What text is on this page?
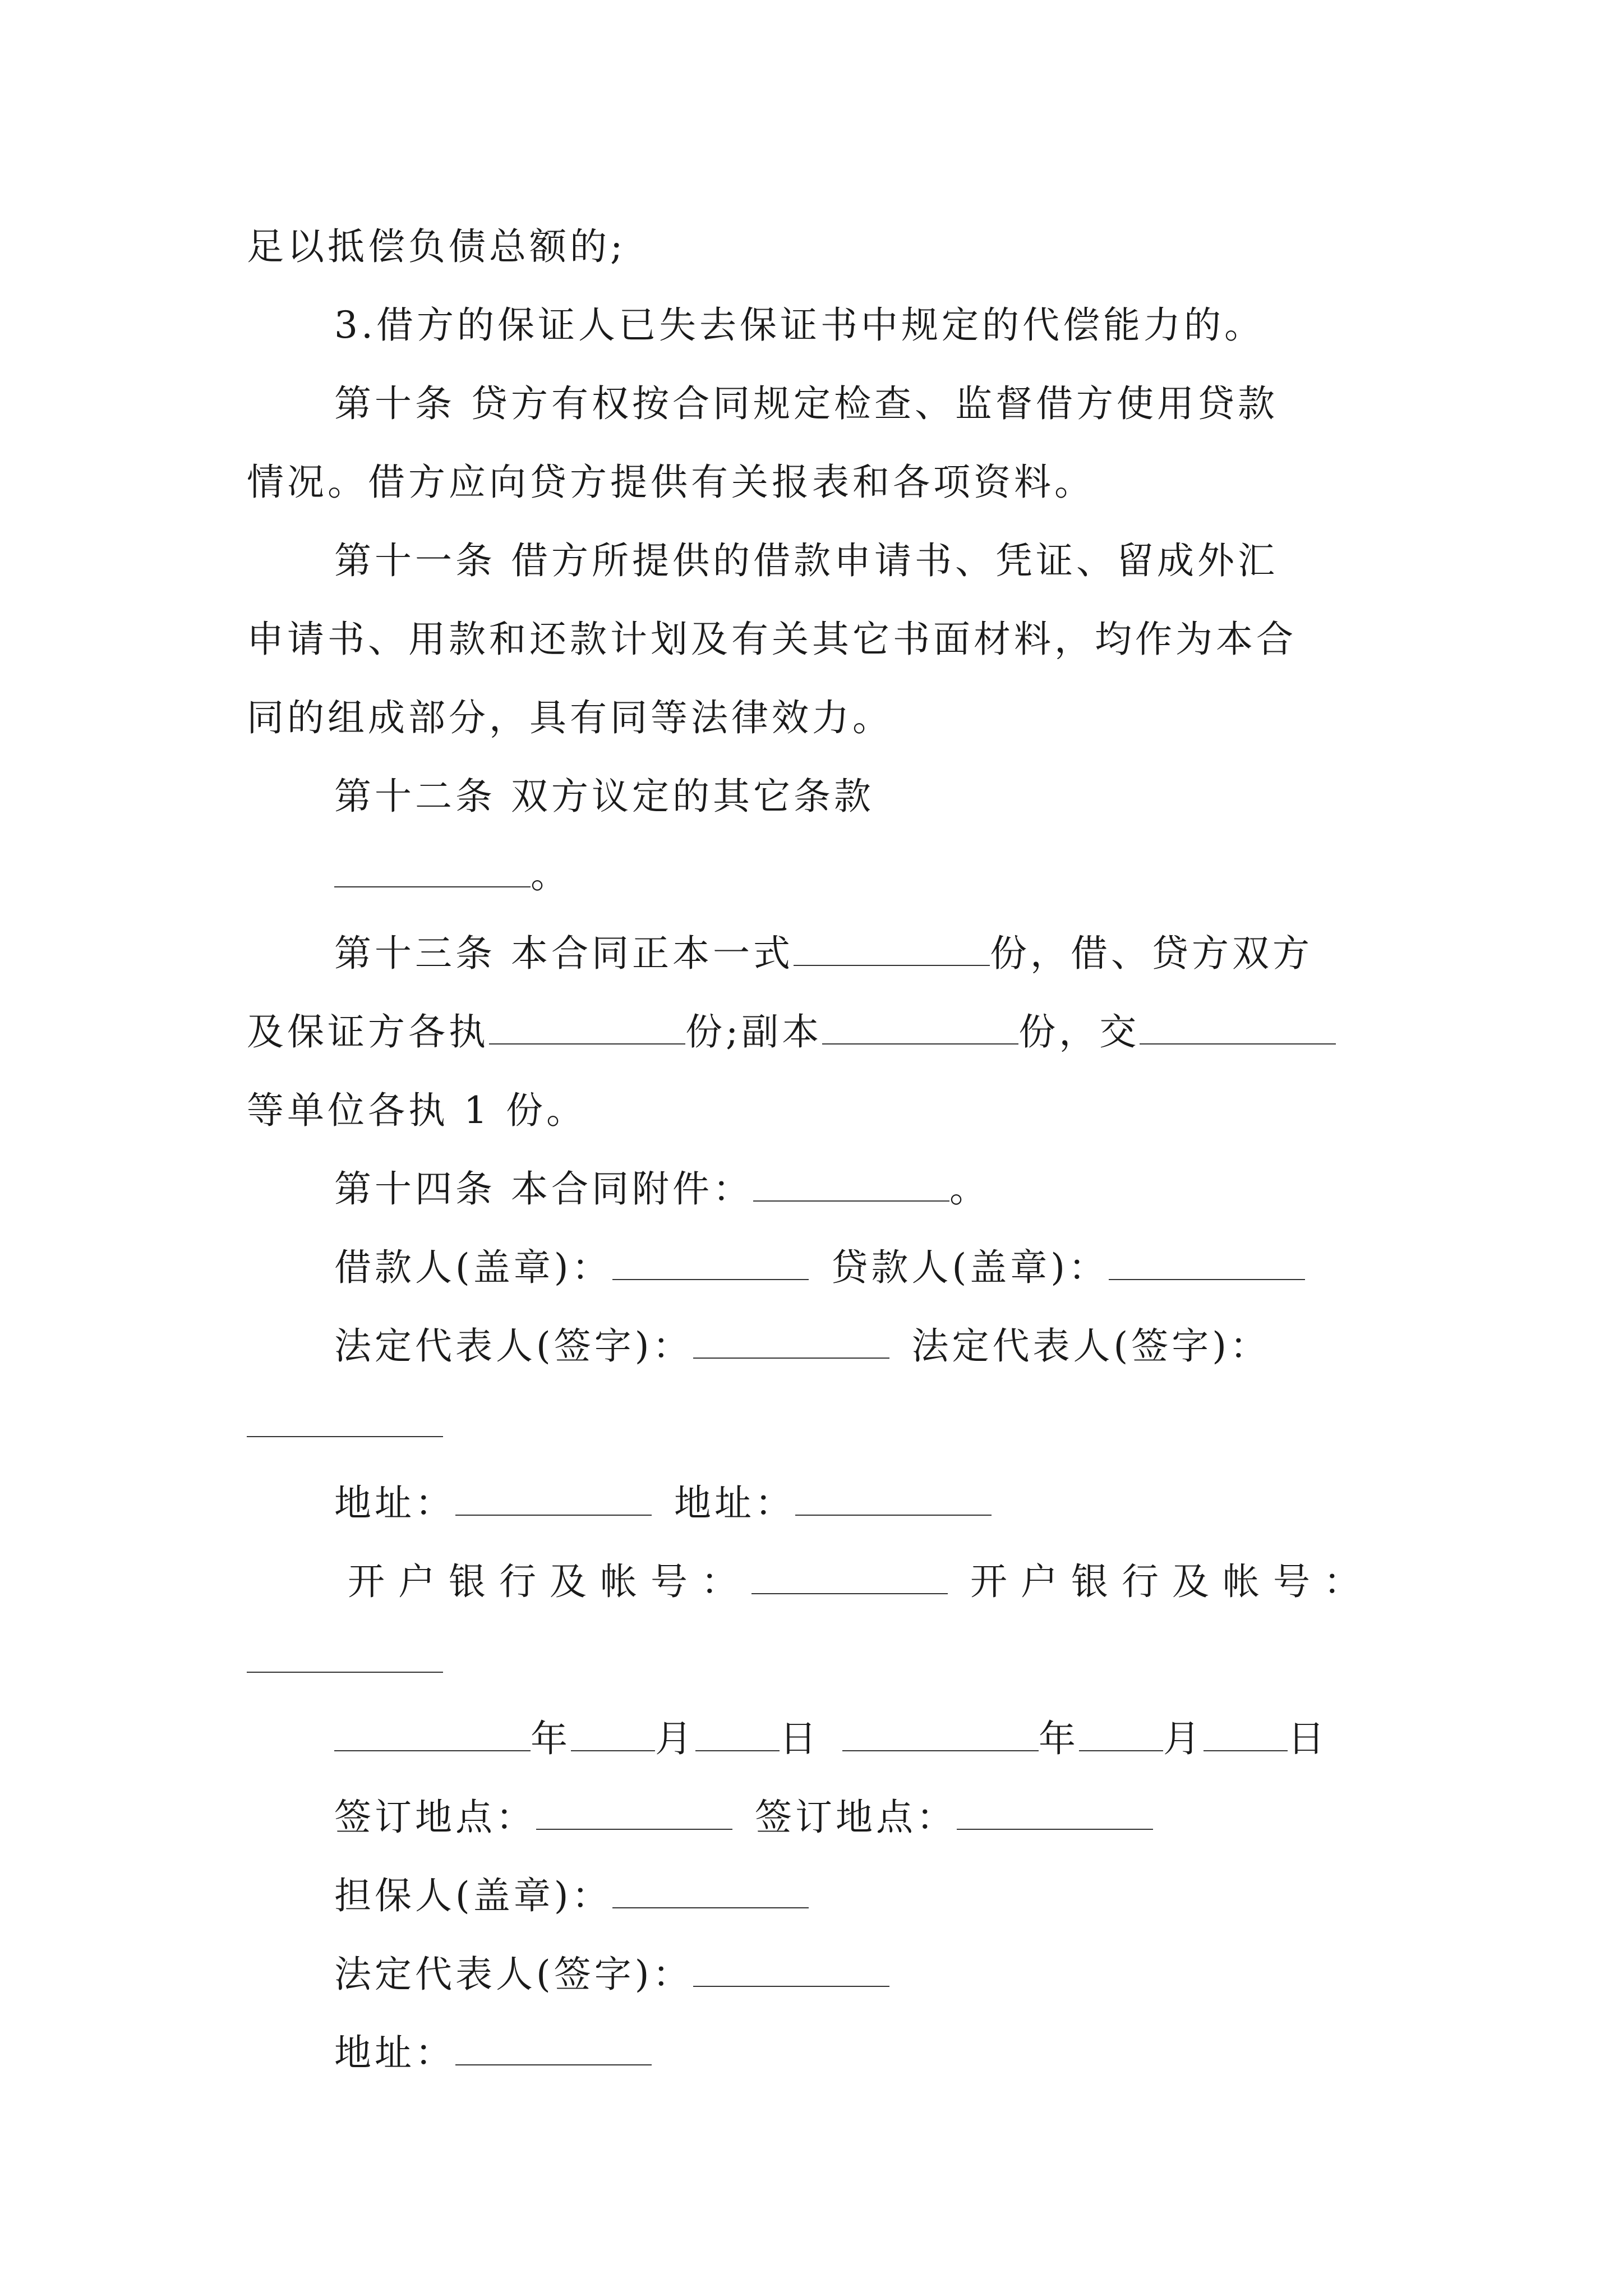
足以抵偿负债总额的;
3.借方的保证人已失去保证书中规定的代偿能力的。
第十条 贷方有权按合同规定检查、监督借方使用贷款
情况。借方应向贷方提供有关报表和各项资料。
第十一条 借方所提供的借款申请书、凭证、留成外汇
申请书、用款和还款计划及有关其它书面材料，均作为本合
同的组成部分，具有同等法律效力。
第十二条 双方议定的其它条款
。
第十三条 本合同正本一式	份，借、贷方双方
及保证方各执	份;副本	份，交
等单位各执 1 份。
第十四条 本合同附件：	。
借款人(盖章)：	贷款人(盖章)：
法定代表人(签字)：	法定代表人(签字)：
地址：	地址：
开户银行及帐号：	开户银行及帐号：
年 月 日	年 月 日
签订地点：	签订地点：
担保人(盖章)：
法定代表人(签字)：
地址：
